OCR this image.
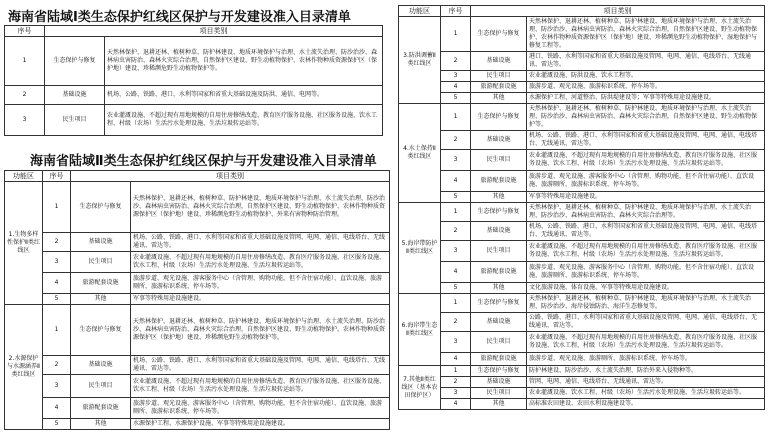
海南省陆域Ⅰ类生态保护红线区保护与开发建设准入目录清单
序号	项目类别	
1	生态保护与修复	天然林保护、退耕还林、植树种草、防护林建设、地质环境保护与治理、水土流失治理、防沙治沙、森林病虫害防治、森林火灾综合治理，自然保护区建设、野生动植物保护、农林作物种质资源保护区（保护地）建设、珍稀濒危野生动植物保护等。
2	基础设施	机场、公路、铁路、港口、水利等国家和省重大基础设施及防洪、通信、电网等。
3	民生项目	农业灌溉设施、不超过现有用地规模的自用住房修缮改造、教育医疗服务设施、社区服务设施、饮水工程、村级（农场）生活污水处理设施、生活垃圾转运站等。
海南省陆域Ⅱ类生态保护红线区保护与开发建设准入目录清单
功能区	序号	项目类别	
1.生物多样性保护Ⅱ类红线区	1	生态保护与修复	天然林保护、退耕还林、植树种草、防护林建设、地质环境保护与治理、水土流失治理、防沙治沙、森林病虫害防治、森林火灾综合治理，自然保护区建设、野生动植物保护、农林作物种质资源保护区（保护地）建设、珍稀濒危野生动植物保护、外来有害物种防治管理。
	2	基础设施	机场、公路、铁路、港口、水利等国家和省重大基础设施及管网、电网、通信、电线塔台、无线通讯、雷达等。
	3	民生项目	农业灌溉设施、不超过现有用地规模的自用住房修缮改造、教育医疗服务设施、社区服务设施、饮水工程、村级（农场）生活污水处理设施、生活垃圾转运站等。
	4	旅游配套设施	旅游步道、观光设施、游客服务中心（含管理、购物功能，但不含住宿功能）、直饮设施、旅游厕所、旅游标识系统、停车场等。
	5	其他	军事等特殊用途设施建设。
2.水源保护与水源涵养Ⅱ类红线区	1	生态保护与修复	天然林保护、退耕还林、植树种草、防护林建设、地质环境保护与治理、水土流失治理、防沙治沙、森林病虫害防治、森林火灾综合治理，自然保护区建设、野生动植物保护、农林作物种质资源保护区（保护地）建设、珍稀濒危野生动植物保护等。
	2	基础设施	机场、公路、铁路、港口、水利等国家和省重大基础设施及管网、电网、通信、电线塔台、无线通讯、雷达等。
	3	民生项目	农业灌溉设施、不超过现有用地规模的自用住房修缮改造、教育医疗服务设施、社区服务设施、饮水工程、村级（农场）生活污水处理设施、生活垃圾转运站等。
	4	旅游配套设施	旅游步道、观光设施、游客服务中心（含管理、购物功能，但不含住宿功能）、直饮设施、旅游厕所、旅游标识系统、停车场等。
	5	其他	水源保护工程、水源保护设施、军事等特殊用途设施建设。
功能区	序号	项目类别	
3.防洪调蓄Ⅱ类红线区	1	生态保护与修复	天然林保护、退耕还林、植树种草、防护林建设、地质环境保护与治理、水土流失治理、防沙治沙、森林病虫害防治、森林火灾综合治理，自然保护区建设、野生动植物保护、农林作物种质资源保护区（保护地）建设、珍稀濒危野生动植物保护、湿地保护与修复工程等。
	2	基础设施	港口、铁路、水利等国家和省重大基础设施及管网、电网、通信、电线塔台、无线通讯、雷达等。
	3	民生项目	农业灌溉设施、防洪设施、饮水工程等。
	4	旅游配套设施	旅游步道、观光设施、旅游标识系统、停车场等。
	5	其他	水源保护工程、河道整治、防洪堤建设等；军事等特殊用途设施建设。
4.水土保持Ⅱ类红线区	1	生态保护与修复	天然林保护、退耕还林、植树种草、防护林建设、地质环境保护与治理、水土流失治理、防沙治沙、森林病虫害防治、森林火灾综合治理，自然保护区建设、野生动植物保护等。
	2	基础设施	机场、公路、铁路、港口、水利等国家和省重大基础设施及管网、电网、通信、电线塔台、无线通讯、雷达等。
	3	民生项目	农业灌溉设施、不超过现有用地规模的自用住房修缮改造、教育医疗服务设施、社区服务设施、饮水工程、村级（农场）生活污水处理设施、生活垃圾转运站等。
	4	旅游配套设施	旅游步道、观光设施、游客服务中心（含管理、购物功能，但不含住宿功能）、直饮设施、旅游厕所、旅游标识系统、停车场等。
	5	其他	军事等特殊用途设施建设。
5.海岸带防护Ⅱ类红线区	1	生态保护与修复	天然林保护、退耕还林、植树种草、防护林建设、地质环境保护与治理、水土流失治理、防沙治沙、森林病虫害防治、森林火灾综合治理等。
	2	基础设施	机场、公路、铁路、港口、水利等国家和省重大基础设施及管网、电网、通信、电线塔台、无线通讯、雷达等。
	3	民生项目	农业灌溉设施、不超过现有用地规模的自用住房修缮改造、教育医疗服务设施、社区服务设施、饮水工程、村级（农场）生活污水处理设施、生活垃圾转运站等。
	4	旅游配套设施	旅游步道、观光设施、游客服务中心（含管理、购物功能，但不含住宿功能）、直饮设施、旅游厕所、旅游标识系统、停车场等。
	5	其他	文化旅游设施、体育设施、军事等特殊用途设施建设。
6.海岸带生态Ⅱ类红线区	1	生态保护与修复	天然林保护、退耕还林、植树种草、防护林建设、地质环境保护与治理、水土流失治理、防沙治沙、海岸侵蚀防治、海洋生态修复等。
	2	基础设施	公路、铁路、港口、水利等国家和省重大基础设施及管网、电网、通信、电线塔台、无线通讯、雷达等。
	3	民生项目	农业灌溉设施、不超过现有用地规模的自用住房修缮改造、教育医疗服务设施、社区服务设施、饮水工程、村级（农场）生活污水处理设施、生活垃圾转运站等。
	4	旅游配套设施	旅游步道、观光设施、旅游厕所、旅游标识系统、停车场等。
7.其他Ⅱ类红线区（基本农田保护区）	1	生态保护与修复	防护林建设、防沙治沙、水土流失治理、防治外来入侵物种等。
	2	基础设施	管网、电网、通信、电线塔台、无线通讯、雷达等。
	3	民生项目	农业灌溉设施、饮水工程、村级（农场）生活污水处理设施、生活垃圾转运站等。
	4	其他	高标准农田建设、农田水利设施建设等。
